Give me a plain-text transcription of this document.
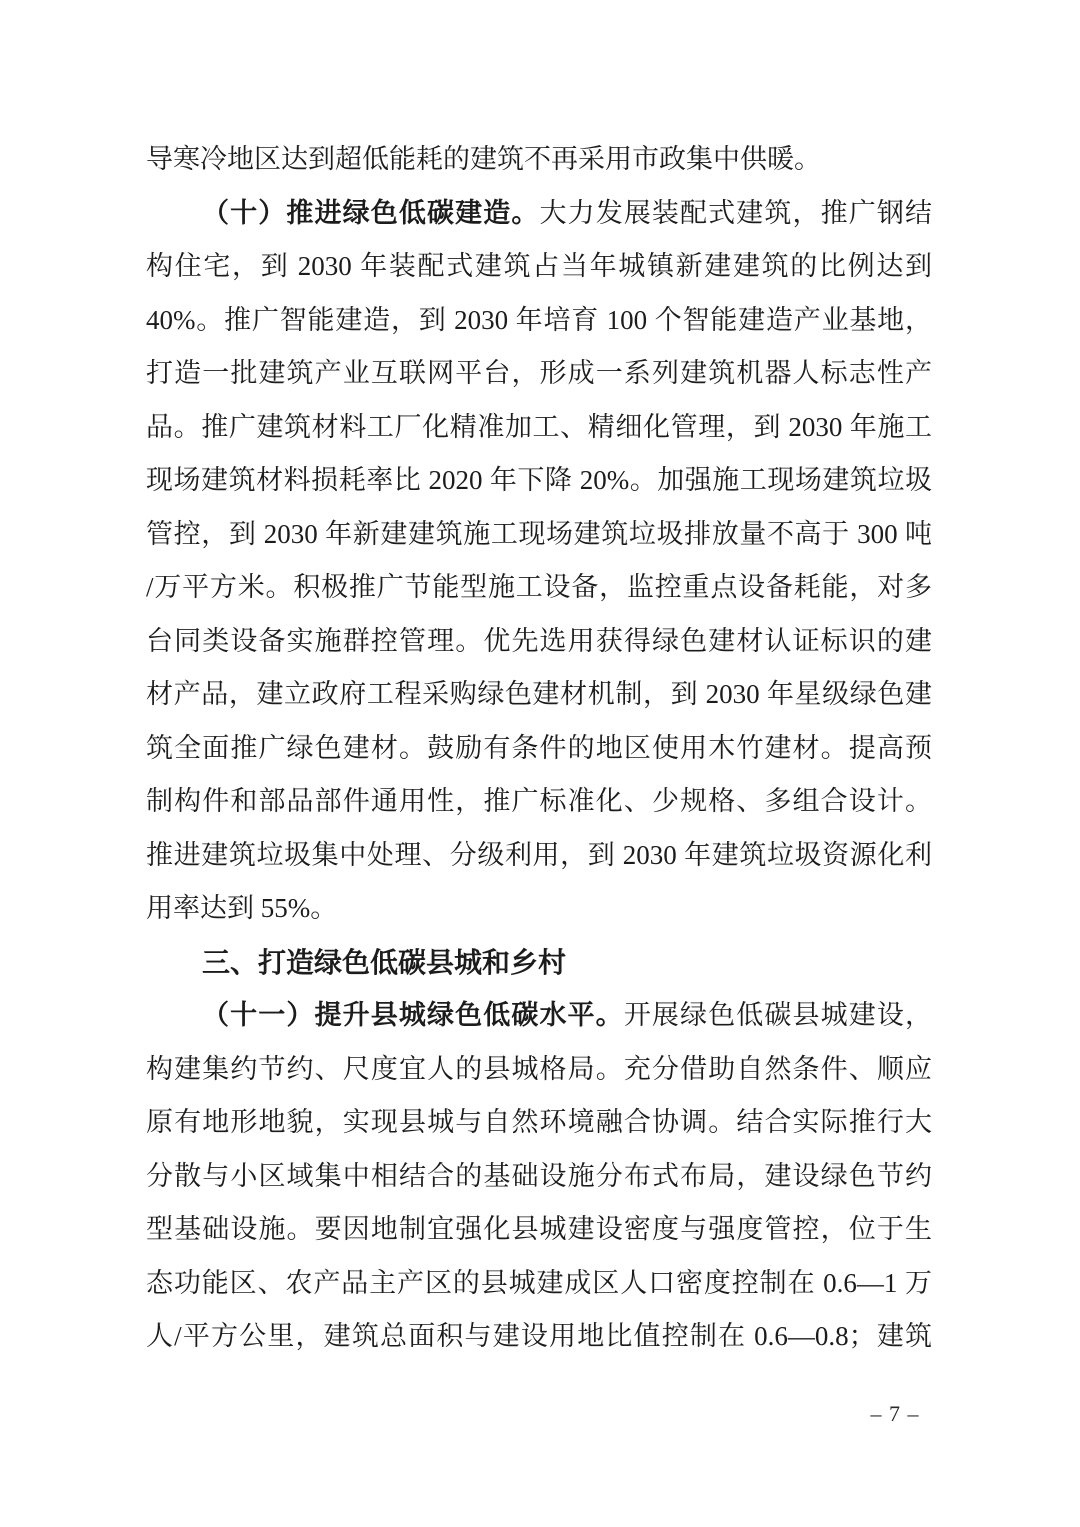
导寒冷地区达到超低能耗的建筑不再采用市政集中供暖。
（十）推进绿色低碳建造。大力发展装配式建筑，推广钢结
构住宅，到 2030 年装配式建筑占当年城镇新建建筑的比例达到
40%。推广智能建造，到 2030 年培育 100 个智能建造产业基地，
打造一批建筑产业互联网平台，形成一系列建筑机器人标志性产
品。推广建筑材料工厂化精准加工、精细化管理，到 2030 年施工
现场建筑材料损耗率比 2020 年下降 20%。加强施工现场建筑垃圾
管控，到 2030 年新建建筑施工现场建筑垃圾排放量不高于 300 吨
/万平方米。积极推广节能型施工设备，监控重点设备耗能，对多
台同类设备实施群控管理。优先选用获得绿色建材认证标识的建
材产品，建立政府工程采购绿色建材机制，到 2030 年星级绿色建
筑全面推广绿色建材。鼓励有条件的地区使用木竹建材。提高预
制构件和部品部件通用性，推广标准化、少规格、多组合设计。
推进建筑垃圾集中处理、分级利用，到 2030 年建筑垃圾资源化利
用率达到 55%。
三、打造绿色低碳县城和乡村
（十一）提升县城绿色低碳水平。开展绿色低碳县城建设，
构建集约节约、尺度宜人的县城格局。充分借助自然条件、顺应
原有地形地貌，实现县城与自然环境融合协调。结合实际推行大
分散与小区域集中相结合的基础设施分布式布局，建设绿色节约
型基础设施。要因地制宜强化县城建设密度与强度管控，位于生
态功能区、农产品主产区的县城建成区人口密度控制在 0.6—1 万
人/平方公里，建筑总面积与建设用地比值控制在 0.6—0.8；建筑
– 7 –
